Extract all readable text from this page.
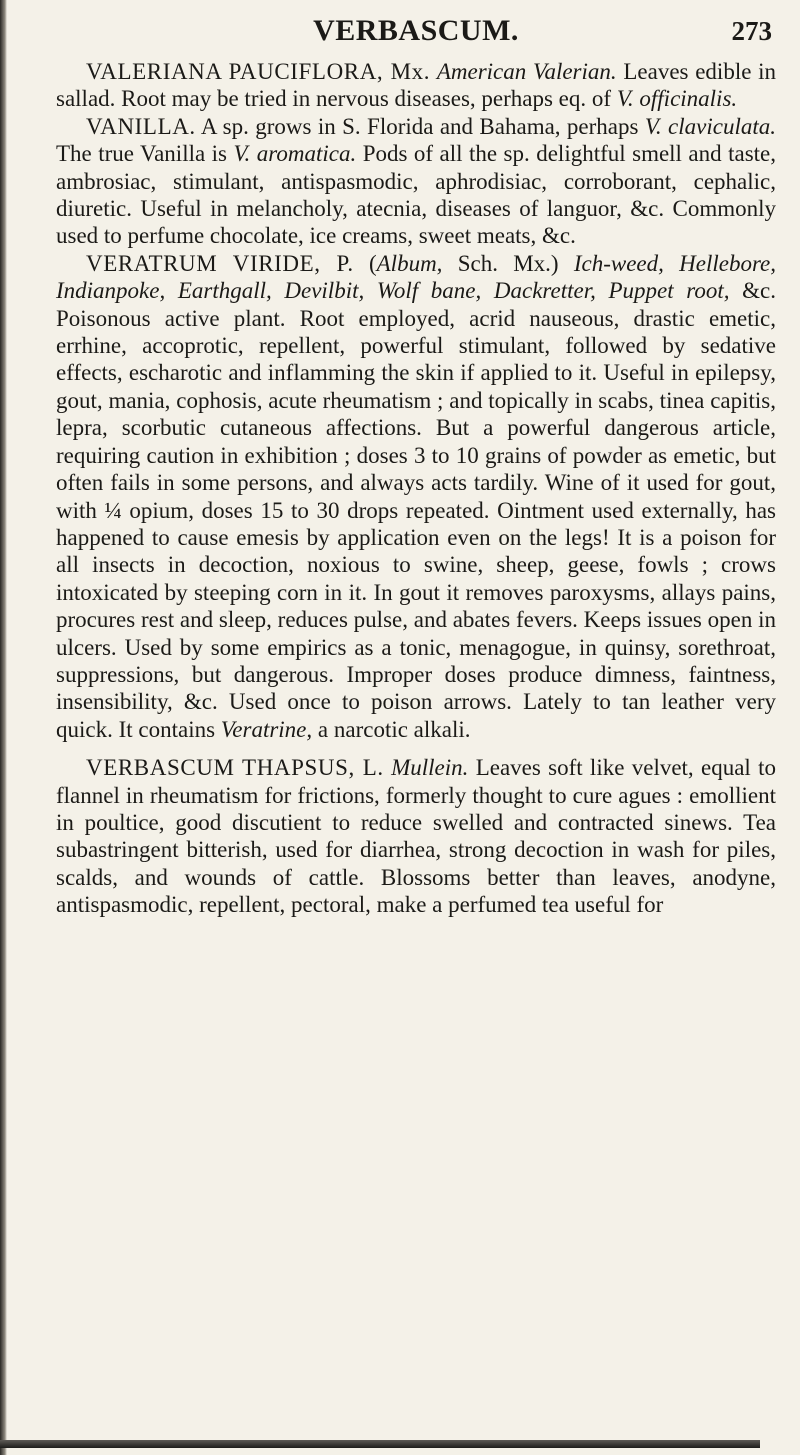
VERBASCUM.	273

VALERIANA PAUCIFLORA, Mx. American Valerian. Leaves edible in sallad. Root may be tried in nervous diseases, perhaps eq. of V. officinalis.

VANILLA. A sp. grows in S. Florida and Bahama, perhaps V. claviculata. The true Vanilla is V. aromatica. Pods of all the sp. delightful smell and taste, ambrosiac, stimulant, antispasmodic, aphrodisiac, corroborant, cephalic, diuretic. Useful in melancholy, atecnia, diseases of languor, &c. Commonly used to perfume chocolate, ice creams, sweet meats, &c.

VERATRUM VIRIDE, P. (Album, Sch. Mx.) Ich-weed, Hellebore, Indianpoke, Earthgall, Devilbit, Wolf bane, Dackretter, Puppet root, &c. Poisonous active plant. Root employed, acrid nauseous, drastic emetic, errhine, accoprotic, repellent, powerful stimulant, followed by sedative effects, escharotic and inflamming the skin if applied to it. Useful in epilepsy, gout, mania, cophosis, acute rheumatism ; and topically in scabs, tinea capitis, lepra, scorbutic cutaneous affections. But a powerful dangerous article, requiring caution in exhibition ; doses 3 to 10 grains of powder as emetic, but often fails in some persons, and always acts tardily. Wine of it used for gout, with ¼ opium, doses 15 to 30 drops repeated. Ointment used externally, has happened to cause emesis by application even on the legs! It is a poison for all insects in decoction, noxious to swine, sheep, geese, fowls ; crows intoxicated by steeping corn in it. In gout it removes paroxysms, allays pains, procures rest and sleep, reduces pulse, and abates fevers. Keeps issues open in ulcers. Used by some empirics as a tonic, menagogue, in quinsy, sorethroat, suppressions, but dangerous. Improper doses produce dimness, faintness, insensibility, &c. Used once to poison arrows. Lately to tan leather very quick. It contains Veratrine, a narcotic alkali.

VERBASCUM THAPSUS, L. Mullein. Leaves soft like velvet, equal to flannel in rheumatism for frictions, formerly thought to cure agues : emollient in poultice, good discutient to reduce swelled and contracted sinews. Tea subastringent bitterish, used for diarrhea, strong decoction in wash for piles, scalds, and wounds of cattle. Blossoms better than leaves, anodyne, antispasmodic, repellent, pectoral, make a perfumed tea useful for
